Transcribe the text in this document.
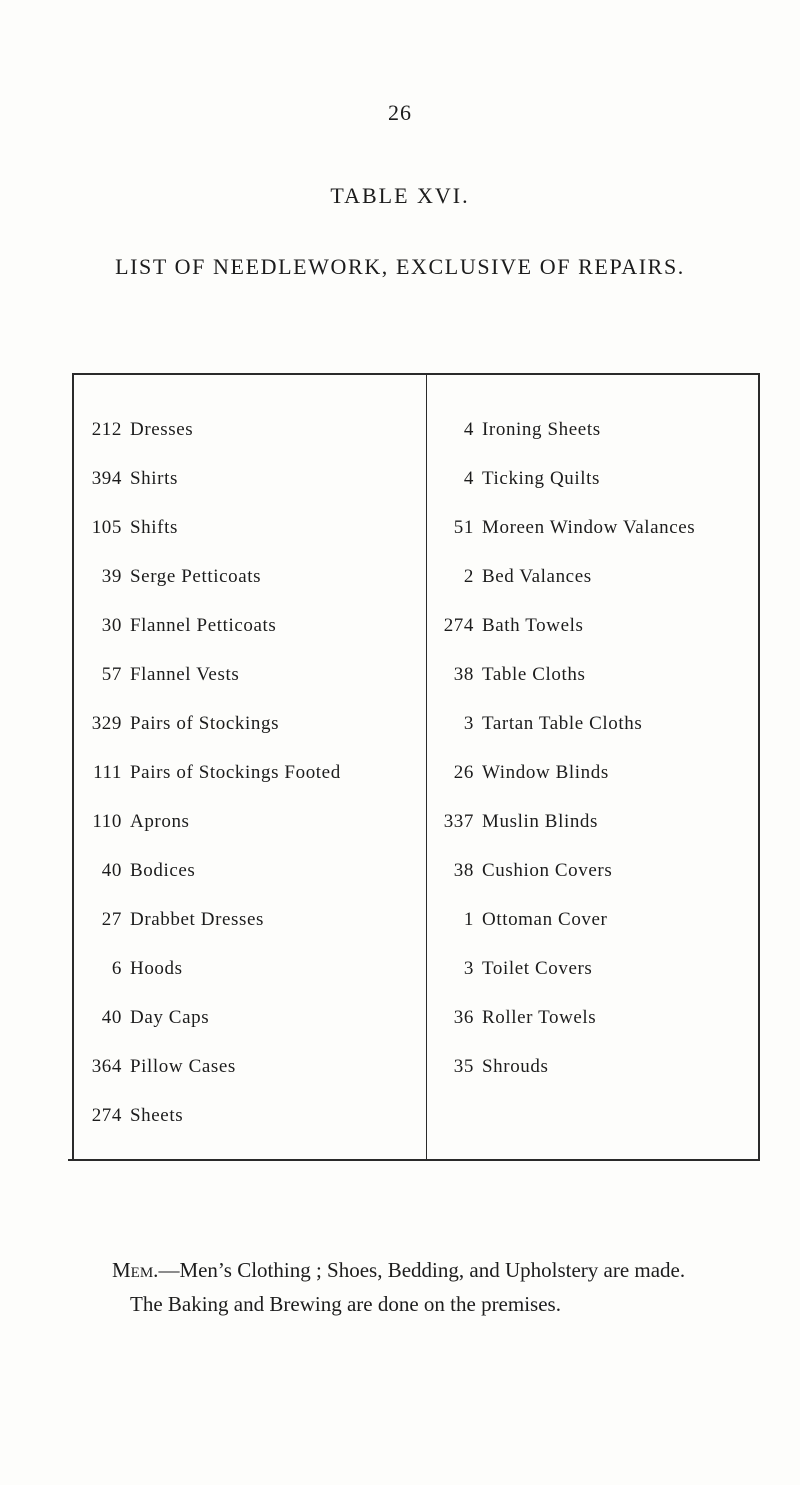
26
TABLE XVI.
LIST OF NEEDLEWORK, EXCLUSIVE OF REPAIRS.
212 Dresses
394 Shirts
105 Shifts
39 Serge Petticoats
30 Flannel Petticoats
57 Flannel Vests
329 Pairs of Stockings
111 Pairs of Stockings Footed
110 Aprons
40 Bodices
27 Drabbet Dresses
6 Hoods
40 Day Caps
364 Pillow Cases
274 Sheets
4 Ironing Sheets
4 Ticking Quilts
51 Moreen Window Valances
2 Bed Valances
274 Bath Towels
38 Table Cloths
3 Tartan Table Cloths
26 Window Blinds
337 Muslin Blinds
38 Cushion Covers
1 Ottoman Cover
3 Toilet Covers
36 Roller Towels
35 Shrouds

Mem.—Men’s Clothing ; Shoes, Bedding, and Upholstery are made.

The Baking and Brewing are done on the premises.
